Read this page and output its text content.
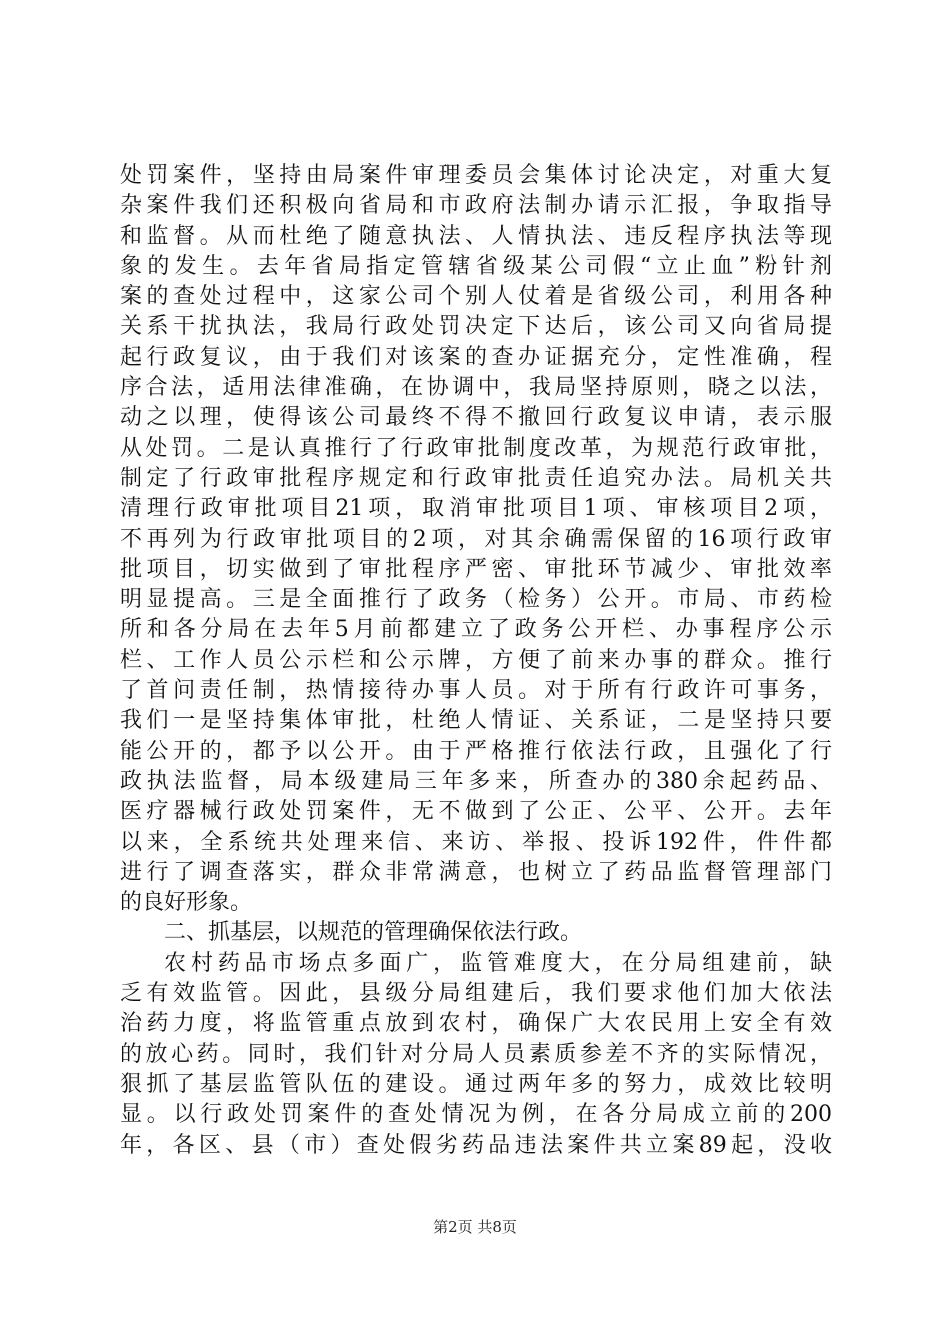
处罚案件，坚持由局案件审理委员会集体讨论决定，对重大复
杂案件我们还积极向省局和市政府法制办请示汇报，争取指导
和监督。从而杜绝了随意执法、人情执法、违反程序执法等现
象的发生。去年省局指定管辖省级某公司假“立止血”粉针剂
案的查处过程中，这家公司个别人仗着是省级公司，利用各种
关系干扰执法，我局行政处罚决定下达后，该公司又向省局提
起行政复议，由于我们对该案的查办证据充分，定性准确，程
序合法，适用法律准确，在协调中，我局坚持原则，晓之以法，
动之以理，使得该公司最终不得不撤回行政复议申请，表示服
从处罚。二是认真推行了行政审批制度改革，为规范行政审批，
制定了行政审批程序规定和行政审批责任追究办法。局机关共
清理行政审批项目21项，取消审批项目1项、审核项目2项，
不再列为行政审批项目的2项，对其余确需保留的16项行政审
批项目，切实做到了审批程序严密、审批环节减少、审批效率
明显提高。三是全面推行了政务（检务）公开。市局、市药检
所和各分局在去年5月前都建立了政务公开栏、办事程序公示
栏、工作人员公示栏和公示牌，方便了前来办事的群众。推行
了首问责任制，热情接待办事人员。对于所有行政许可事务，
我们一是坚持集体审批，杜绝人情证、关系证，二是坚持只要
能公开的，都予以公开。由于严格推行依法行政，且强化了行
政执法监督，局本级建局三年多来，所查办的380余起药品、
医疗器械行政处罚案件，无不做到了公正、公平、公开。去年
以来，全系统共处理来信、来访、举报、投诉192件，件件都
进行了调查落实，群众非常满意，也树立了药品监督管理部门
的良好形象。
二、抓基层，以规范的管理确保依法行政。
农村药品市场点多面广，监管难度大，在分局组建前，缺
乏有效监管。因此，县级分局组建后，我们要求他们加大依法
治药力度，将监管重点放到农村，确保广大农民用上安全有效
的放心药。同时，我们针对分局人员素质参差不齐的实际情况，
狠抓了基层监管队伍的建设。通过两年多的努力，成效比较明
显。以行政处罚案件的查处情况为例，在各分局成立前的200
年，各区、县（市）查处假劣药品违法案件共立案89起，没收
第2页 共8页
